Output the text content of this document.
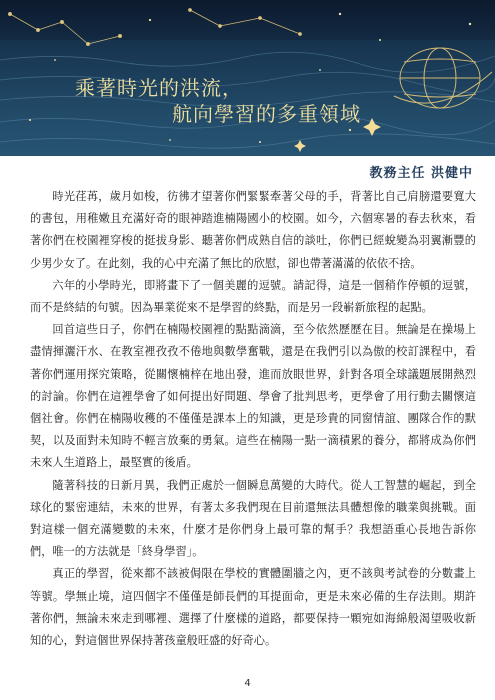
乘著時光的洪流，
航向學習的多重領域
教務主任 洪健中

時光荏苒，歲月如梭，彷彿才望著你們緊緊牽著父母的手，背著比自己肩膀還要寬大的書包，用稚嫩且充滿好奇的眼神踏進楠陽國小的校園。如今，六個寒暑的春去秋來，看著你們在校園裡穿梭的挺拔身影、聽著你們成熟自信的談吐，你們已經蛻變為羽翼漸豐的少男少女了。在此刻，我的心中充滿了無比的欣慰，卻也帶著滿滿的依依不捨。

六年的小學時光，即將畫下了一個美麗的逗號。請記得，這是一個稍作停頓的逗號，而不是終結的句號。因為畢業從來不是學習的終點，而是另一段嶄新旅程的起點。

回首這些日子，你們在楠陽校園裡的點點滴滴，至今依然歷歷在目。無論是在操場上盡情揮灑汗水、在教室裡孜孜不倦地與數學奮戰，還是在我們引以為傲的校訂課程中，看著你們運用探究策略，從關懷楠梓在地出發，進而放眼世界，針對各項全球議題展開熱烈的討論。你們在這裡學會了如何提出好問題、學會了批判思考，更學會了用行動去關懷這個社會。你們在楠陽收穫的不僅僅是課本上的知識，更是珍貴的同窗情誼、團隊合作的默契，以及面對未知時不輕言放棄的勇氣。這些在楠陽一點一滴積累的養分，都將成為你們未來人生道路上，最堅實的後盾。

隨著科技的日新月異，我們正處於一個瞬息萬變的大時代。從人工智慧的崛起，到全球化的緊密連結，未來的世界，有著太多我們現在目前還無法具體想像的職業與挑戰。面對這樣一個充滿變數的未來，什麼才是你們身上最可靠的幫手？我想語重心長地告訴你們，唯一的方法就是「終身學習」。

真正的學習，從來都不該被侷限在學校的實體圍牆之內，更不該與考試卷的分數畫上等號。學無止境，這四個字不僅僅是師長們的耳提面命，更是未來必備的生存法則。期許著你們，無論未來走到哪裡、選擇了什麼樣的道路，都要保持一顆宛如海綿般渴望吸收新知的心，對這個世界保持著孩童般旺盛的好奇心。

4
